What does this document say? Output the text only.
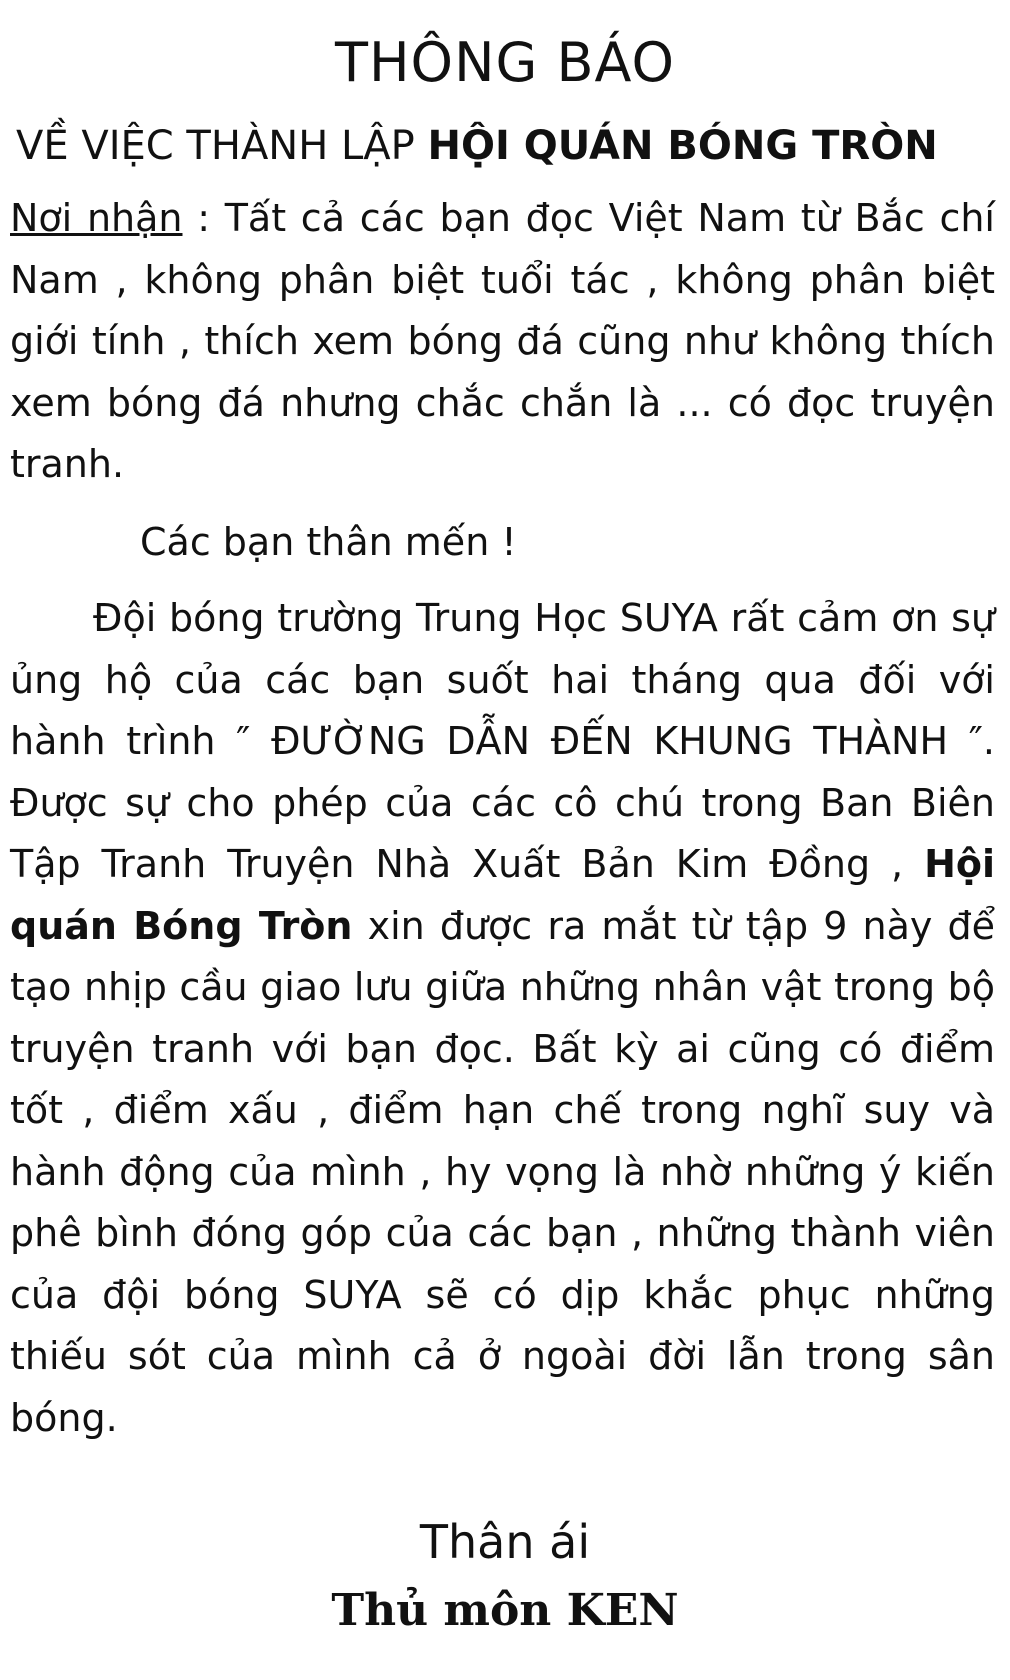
THÔNG BÁO
VỀ VIỆC THÀNH LẬP HỘI QUÁN BÓNG TRÒN

Nơi nhận : Tất cả các bạn đọc Việt Nam từ Bắc chí Nam , không phân biệt tuổi tác , không phân biệt giới tính , thích xem bóng đá cũng như không thích xem bóng đá nhưng chắc chắn là ... có đọc truyện tranh.

Các bạn thân mến !

Đội bóng trường Trung Học SUYA rất cảm ơn sự ủng hộ của các bạn suốt hai tháng qua đối với hành trình ″ ĐƯỜNG DẪN ĐẾN KHUNG THÀNH ″. Được sự cho phép của các cô chú trong Ban Biên Tập Tranh Truyện Nhà Xuất Bản Kim Đồng , Hội quán Bóng Tròn xin được ra mắt từ tập 9 này để tạo nhịp cầu giao lưu giữa những nhân vật trong bộ truyện tranh với bạn đọc. Bất kỳ ai cũng có điểm tốt , điểm xấu , điểm hạn chế trong nghĩ suy và hành động của mình , hy vọng là nhờ những ý kiến phê bình đóng góp của các bạn , những thành viên của đội bóng SUYA sẽ có dịp khắc phục những thiếu sót của mình cả ở ngoài đời lẫn trong sân bóng.

Thân ái
Thủ môn KEN
